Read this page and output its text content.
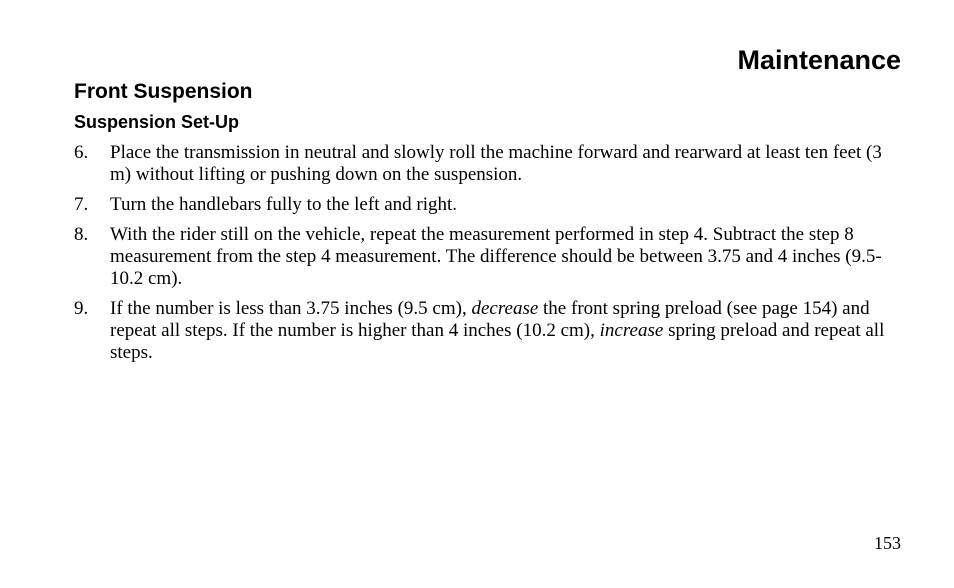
Maintenance
Front Suspension
Suspension Set-Up
6.	Place the transmission in neutral and slowly roll the machine forward and rearward at least ten feet (3 m) without lifting or pushing down on the suspension.
7.	Turn the handlebars fully to the left and right.
8.	With the rider still on the vehicle, repeat the measurement performed in step 4. Subtract the step 8 measurement from the step 4 measurement. The difference should be between 3.75 and 4 inches (9.5-10.2 cm).
9.	If the number is less than 3.75 inches (9.5 cm), decrease the front spring preload (see page 154) and repeat all steps. If the number is higher than 4 inches (10.2 cm), increase spring preload and repeat all steps.
153
